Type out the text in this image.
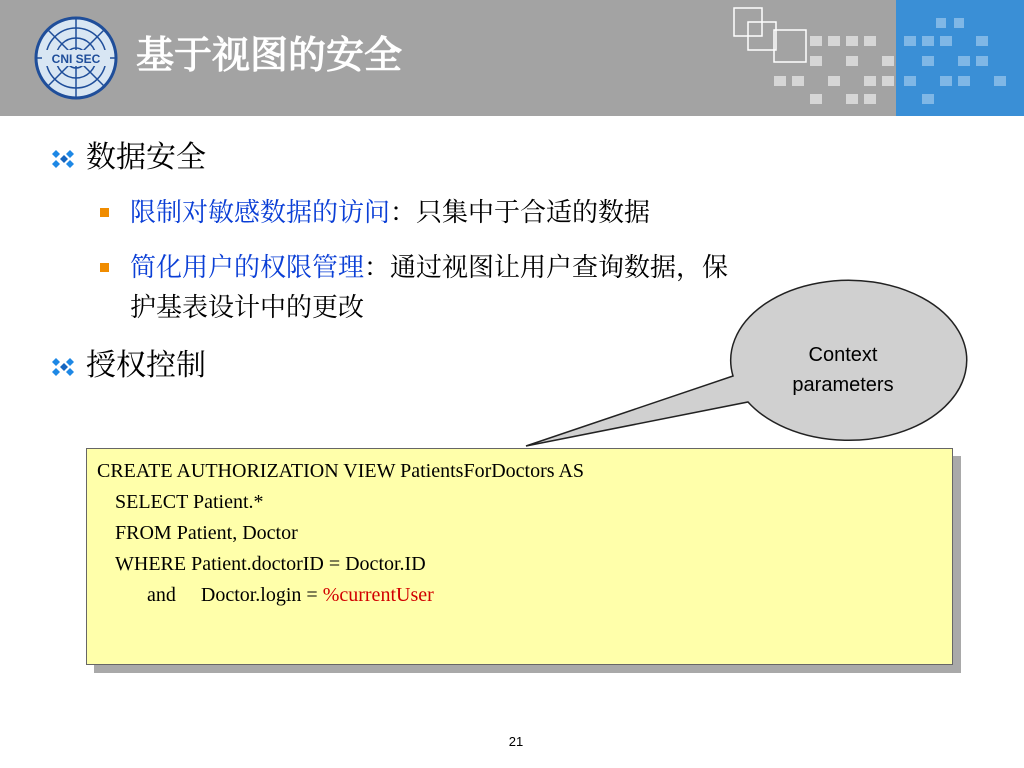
CNI SEC 基于视图的安全
数据安全
限制对敏感数据的访问：只集中于合适的数据
简化用户的权限管理：通过视图让用户查询数据，保
护基表设计中的更改
授权控制	Context
parameters
CREATE AUTHORIZATION VIEW PatientsForDoctors AS
SELECT Patient.*
FROM Patient, Doctor
WHERE Patient.doctorID = Doctor.ID
and     Doctor.login = %currentUser
21
